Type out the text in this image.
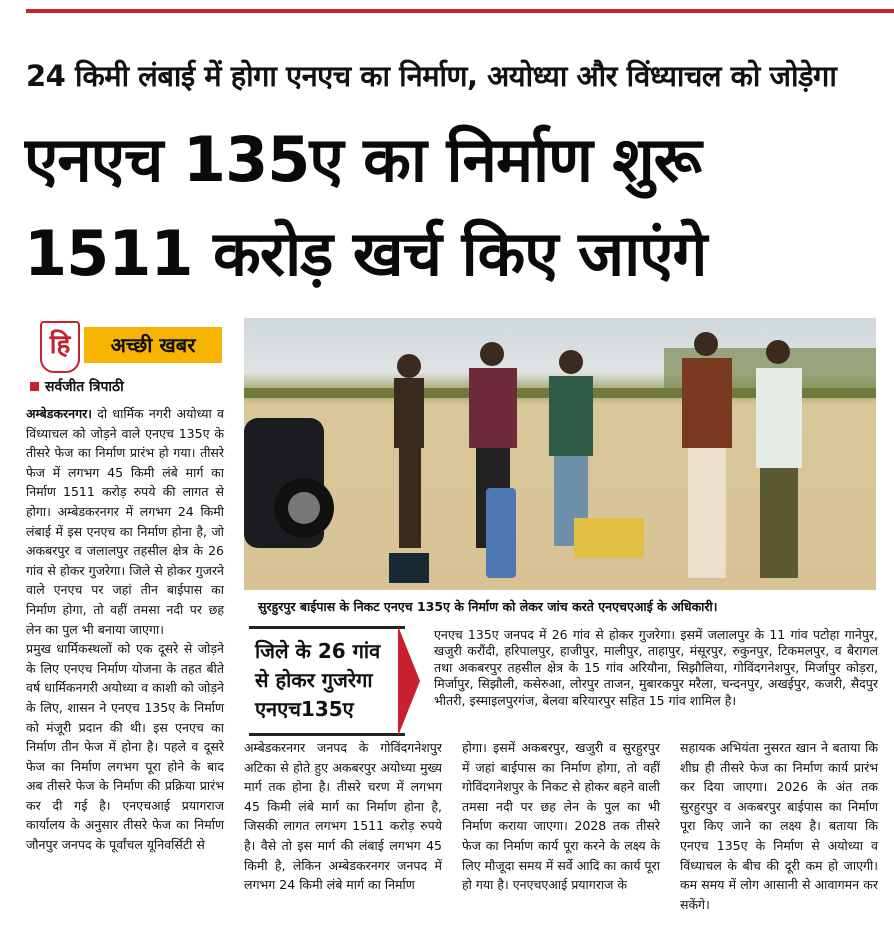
24 किमी लंबाई में होगा एनएच का निर्माण, अयोध्या और विंध्याचल को जोड़ेगा
एनएच 135ए का निर्माण शुरू
1511 करोड़ खर्च किए जाएंगे
हि	अच्छी खबर
सर्वजीत त्रिपाठी
सुरहुरपुर बाईपास के निकट एनएच 135ए के निर्माण को लेकर जांच करते एनएचएआई के अधिकारी।
जिले के 26 गांव से होकर गुजरेगा एनएच135ए
एनएच 135ए जनपद में 26 गांव से होकर गुजरेगा। इसमें जलालपुर के 11 गांव पटोहा गानेपुर, खजुरी करौंदी, हरिपालपुर, हाजीपुर, मालीपुर, ताहापुर, मंसूरपुर, रुकुनपुर, टिकमलपुर, व बैरागल तथा अकबरपुर तहसील क्षेत्र के 15 गांव अरियौना, सिझौलिया, गोविंदगनेशपुर, मिर्जापुर कोड़रा, मिर्जापुर, सिझौली, कसेरुआ, लोरपुर ताजन, मुबारकपुर मरैला, चन्दनपुर, अखईपुर, कजरी, सैदपुर भीतरी, इस्माइलपुरगंज, बेलवा बरियारपुर सहित 15 गांव शामिल है।

अम्बेडकरनगर। दो धार्मिक नगरी अयोध्या व विंध्याचल को जोड़ने वाले एनएच 135ए के तीसरे फेज का निर्माण प्रारंभ हो गया। तीसरे फेज में लगभग 45 किमी लंबे मार्ग का निर्माण 1511 करोड़ रुपये की लागत से होगा। अम्बेडकरनगर में लगभग 24 किमी लंबाई में इस एनएच का निर्माण होना है, जो अकबरपुर व जलालपुर तहसील क्षेत्र के 26 गांव से होकर गुजरेगा। जिले से होकर गुजरने वाले एनएच पर जहां तीन बाईपास का निर्माण होगा, तो वहीं तमसा नदी पर छह लेन का पुल भी बनाया जाएगा।

प्रमुख धार्मिकस्थलों को एक दूसरे से जोड़ने के लिए एनएच निर्माण योजना के तहत बीते वर्ष धार्मिकनगरी अयोध्या व काशी को जोड़ने के लिए, शासन ने एनएच 135ए के निर्माण को मंजूरी प्रदान की थी। इस एनएच का निर्माण तीन फेज में होना है। पहले व दूसरे फेज का निर्माण लगभग पूरा होने के बाद अब तीसरे फेज के निर्माण की प्रक्रिया प्रारंभ कर दी गई है। एनएचआई प्रयागराज कार्यालय के अनुसार तीसरे फेज का निर्माण जौनपुर जनपद के पूर्वांचल यूनिवर्सिटी से

अम्बेडकरनगर जनपद के गोविंदगनेशपुर अटिका से होते हुए अकबरपुर अयोध्या मुख्य मार्ग तक होना है। तीसरे चरण में लगभग 45 किमी लंबे मार्ग का निर्माण होना है, जिसकी लागत लगभग 1511 करोड़ रुपये है। वैसे तो इस मार्ग की लंबाई लगभग 45 किमी है, लेकिन अम्बेडकरनगर जनपद में लगभग 24 किमी लंबे मार्ग का निर्माण
होगा। इसमें अकबरपुर, खजुरी व सुरहुरपुर में जहां बाईपास का निर्माण होगा, तो वहीं गोविंदगनेशपुर के निकट से होकर बहने वाली तमसा नदी पर छह लेन के पुल का भी निर्माण कराया जाएगा। 2028 तक तीसरे फेज का निर्माण कार्य पूरा करने के लक्ष्य के लिए मौजूदा समय में सर्वे आदि का कार्य पूरा हो गया है। एनएचएआई प्रयागराज के
सहायक अभियंता नुसरत खान ने बताया कि शीघ्र ही तीसरे फेज का निर्माण कार्य प्रारंभ कर दिया जाएगा। 2026 के अंत तक सुरहुरपुर व अकबरपुर बाईपास का निर्माण पूरा किए जाने का लक्ष्य है। बताया कि एनएच 135ए के निर्माण से अयोध्या व विंध्याचल के बीच की दूरी कम हो जाएगी। कम समय में लोग आसानी से आवागमन कर सकेंगे।
